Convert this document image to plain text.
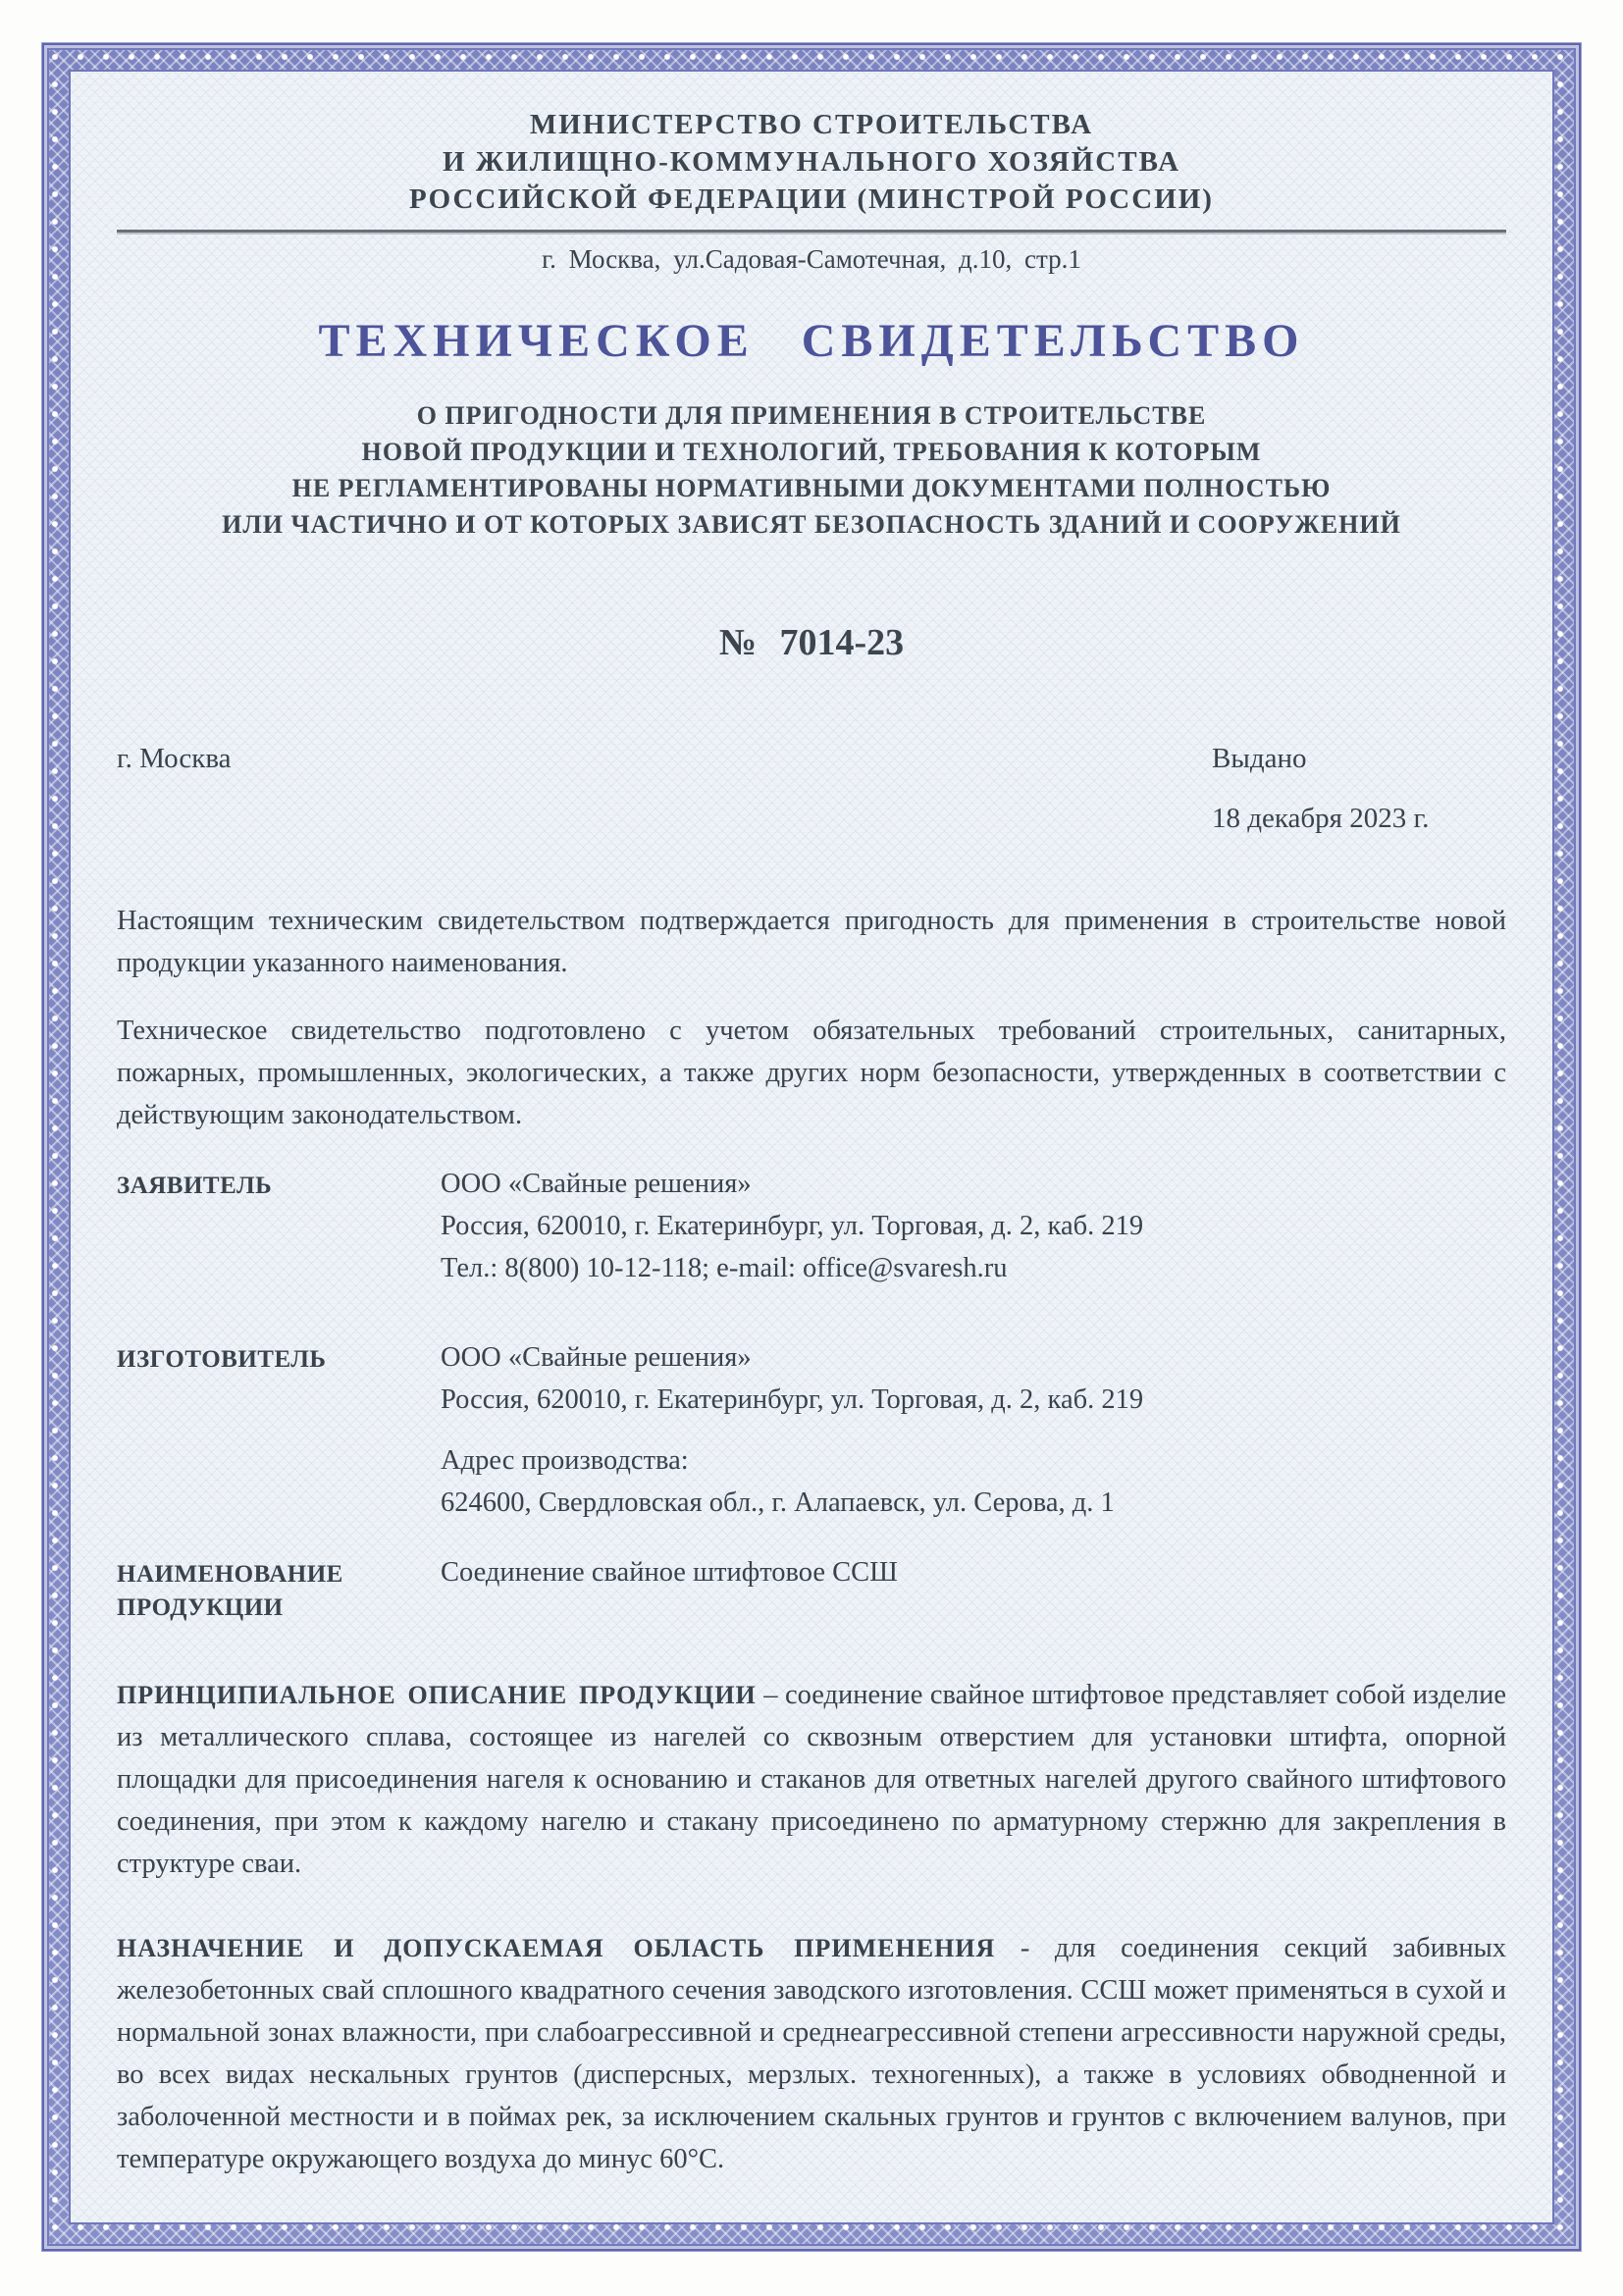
МИНИСТЕРСТВО СТРОИТЕЛЬСТВА
И ЖИЛИЩНО-КОММУНАЛЬНОГО ХОЗЯЙСТВА
РОССИЙСКОЙ ФЕДЕРАЦИИ (МИНСТРОЙ РОССИИ)
г. Москва, ул.Садовая-Самотечная, д.10, стр.1
ТЕХНИЧЕСКОЕ СВИДЕТЕЛЬСТВО
О ПРИГОДНОСТИ ДЛЯ ПРИМЕНЕНИЯ В СТРОИТЕЛЬСТВЕ
НОВОЙ ПРОДУКЦИИ И ТЕХНОЛОГИЙ, ТРЕБОВАНИЯ К КОТОРЫМ
НЕ РЕГЛАМЕНТИРОВАНЫ НОРМАТИВНЫМИ ДОКУМЕНТАМИ ПОЛНОСТЬЮ
ИЛИ ЧАСТИЧНО И ОТ КОТОРЫХ ЗАВИСЯТ БЕЗОПАСНОСТЬ ЗДАНИЙ И СООРУЖЕНИЙ
№ 7014-23
г. Москва	Выдано
18 декабря 2023 г.

Настоящим техническим свидетельством подтверждается пригодность для применения в строительстве новой продукции указанного наименования.

Техническое свидетельство подготовлено с учетом обязательных требований строительных, санитарных, пожарных, промышленных, экологических, а также других норм безопасности, утвержденных в соответствии с действующим законодательством.

ЗАЯВИТЕЛЬ	ООО «Свайные решения»
Россия, 620010, г. Екатеринбург, ул. Торговая, д. 2, каб. 219
Тел.: 8(800) 10-12-118; e-mail: office@svaresh.ru
ИЗГОТОВИТЕЛЬ	ООО «Свайные решения»
Россия, 620010, г. Екатеринбург, ул. Торговая, д. 2, каб. 219
Адрес производства:
624600, Свердловская обл., г. Алапаевск, ул. Серова, д. 1
НАИМЕНОВАНИЕ
ПРОДУКЦИИ
Соединение свайное штифтовое ССШ

ПРИНЦИПИАЛЬНОЕ ОПИСАНИЕ ПРОДУКЦИИ – соединение свайное штифтовое представляет собой изделие из металлического сплава, состоящее из нагелей со сквозным отверстием для установки штифта, опорной площадки для присоединения нагеля к основанию и стаканов для ответных нагелей другого свайного штифтового соединения, при этом к каждому нагелю и стакану присоединено по арматурному стержню для закрепления в структуре сваи.

НАЗНАЧЕНИЕ И ДОПУСКАЕМАЯ ОБЛАСТЬ ПРИМЕНЕНИЯ - для соединения секций забивных железобетонных свай сплошного квадратного сечения заводского изготовления. ССШ может применяться в сухой и нормальной зонах влажности, при слабоагрессивной и среднеагрессивной степени агрессивности наружной среды, во всех видах нескальных грунтов (дисперсных, мерзлых. техногенных), а также в условиях обводненной и заболоченной местности и в поймах рек, за исключением скальных грунтов и грунтов с включением валунов, при температуре окружающего воздуха до минус 60°С.
